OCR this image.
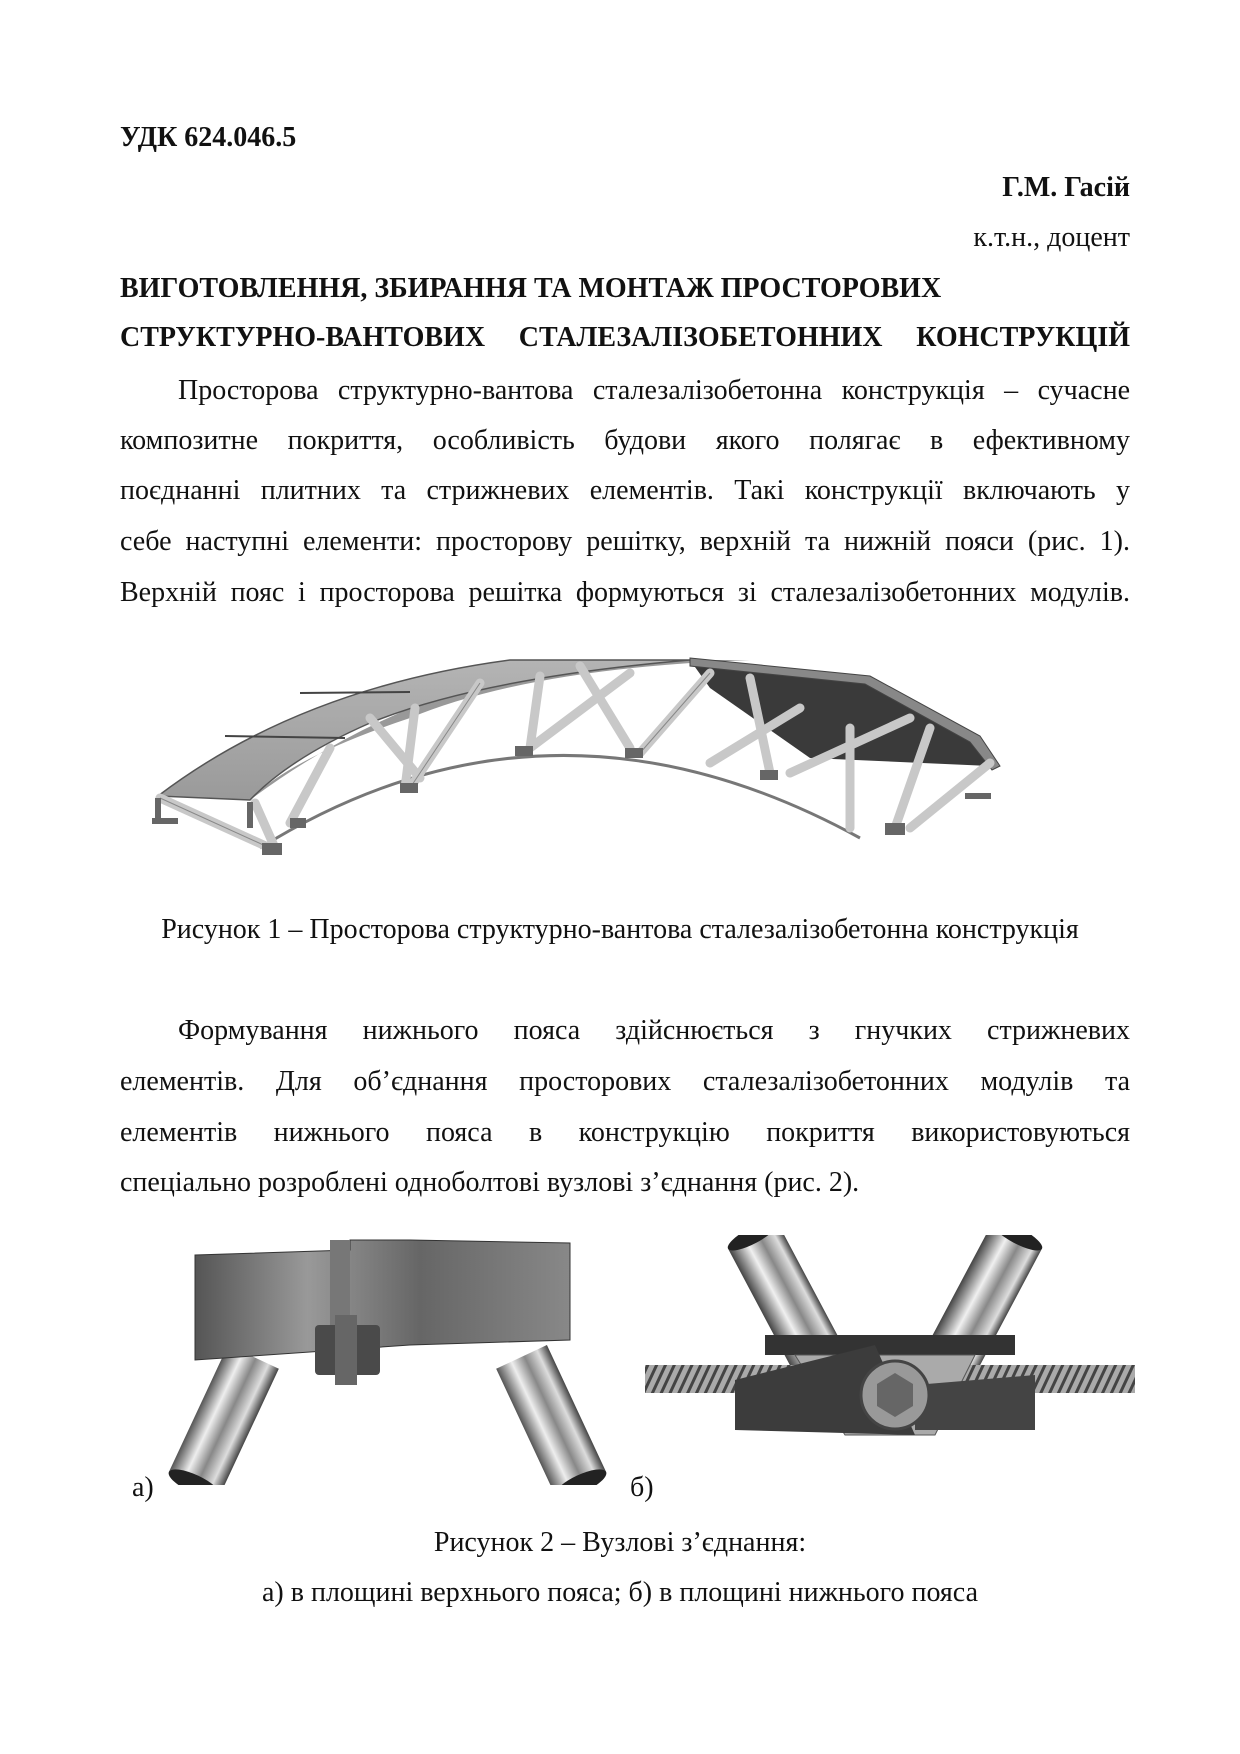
УДК 624.046.5
Г.М. Гасій
к.т.н., доцент
ВИГОТОВЛЕННЯ, ЗБИРАННЯ ТА МОНТАЖ ПРОСТОРОВИХ
СТРУКТУРНО-ВАНТОВИХ СТАЛЕЗАЛІЗОБЕТОННИХ КОНСТРУКЦІЙ
Просторова структурно-вантова сталезалізобетонна конструкція – сучасне
композитне покриття, особливість будови якого полягає в ефективному
поєднанні плитних та стрижневих елементів. Такі конструкції включають у
себе наступні елементи: просторову решітку, верхній та нижній пояси (рис. 1).
Верхній пояс і просторова решітка формуються зі сталезалізобетонних модулів.
Рисунок 1 – Просторова структурно-вантова сталезалізобетонна конструкція
Формування нижнього пояса здійснюється з гнучких стрижневих
елементів. Для об’єднання просторових сталезалізобетонних модулів та
елементів нижнього пояса в конструкцію покриття використовуються
спеціально розроблені одноболтові вузлові з’єднання (рис. 2).
а)	б)
Рисунок 2 – Вузлові з’єднання:
а) в площині верхнього пояса; б) в площині нижнього пояса
